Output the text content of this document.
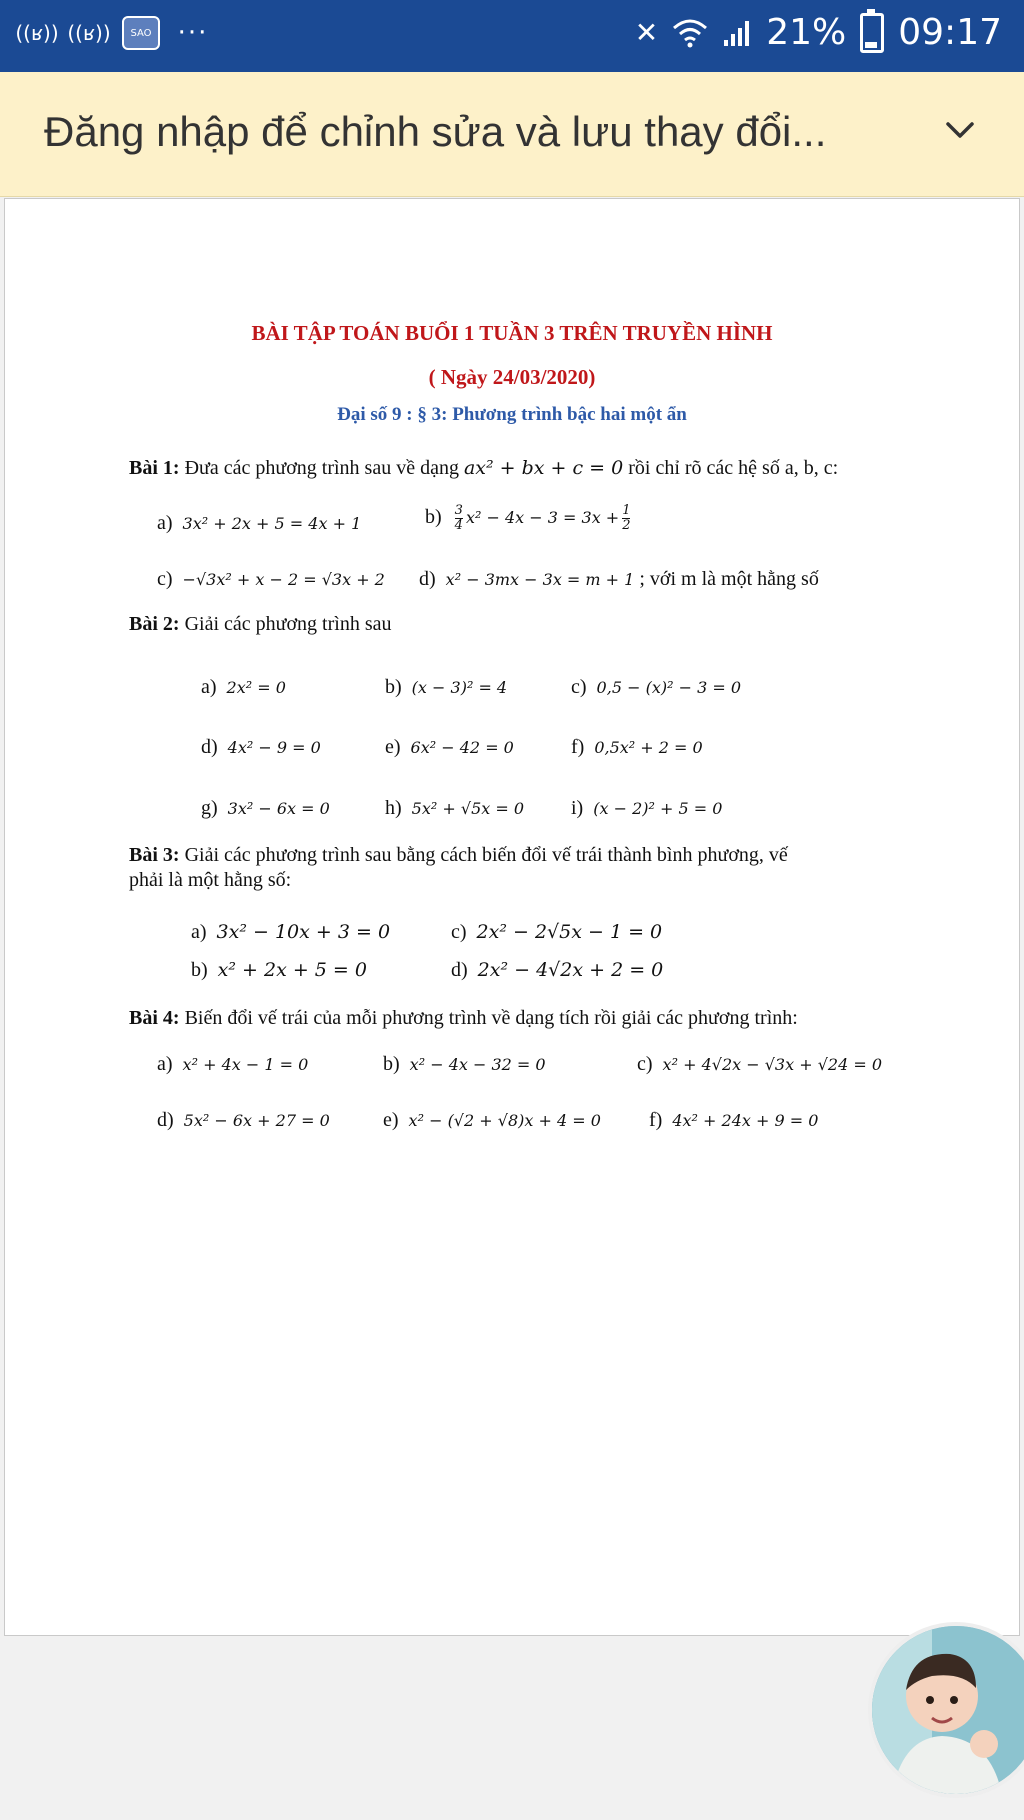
((ʁ)) ((ʁ))	SAO	···	✕	21% 09:17
Đăng nhập để chỉnh sửa và lưu thay đổi...
BÀI TẬP TOÁN BUỔI 1 TUẦN 3 TRÊN TRUYỀN HÌNH
( Ngày 24/03/2020)
Đại số 9 : § 3: Phương trình bậc hai một ẩn
Bài 1: Đưa các phương trình sau về dạng ax² + bx + c = 0 rồi chỉ rõ các hệ số a, b, c:
a) 3x² + 2x + 5 = 4x + 1	$b) \frac{3}{4} x^2 - 4x - 3 = 3x + \frac{1}{2}$
c) −√3x² + x − 2 = √3x + 2 d) x² − 3mx − 3x = m + 1 ; với m là một hằng số
Bài 2: Giải các phương trình sau
a) 2x² = 0	b) (x − 3)² = 4	c) 0,5 − (x)² − 3 = 0
d) 4x² − 9 = 0	e) 6x² − 42 = 0	f) 0,5x² + 2 = 0
g) 3x² − 6x = 0	h) 5x² + √5x = 0 i) (x − 2)² + 5 = 0
Bài 3: Giải các phương trình sau bằng cách biến đổi vế trái thành bình phương, vế
phải là một hằng số:
a) 3x² − 10x + 3 = 0	c) 2x² − 2√5x − 1 = 0
b) x² + 2x + 5 = 0	d) 2x² − 4√2x + 2 = 0
Bài 4: Biến đổi vế trái của mỗi phương trình về dạng tích rồi giải các phương trình:
a) x² + 4x − 1 = 0	b) x² − 4x − 32 = 0	c) x² + 4√2x − √3x + √24 = 0
d) 5x² − 6x + 27 = 0	e) x² − (√2 + √8)x + 4 = 0 f) 4x² + 24x + 9 = 0
